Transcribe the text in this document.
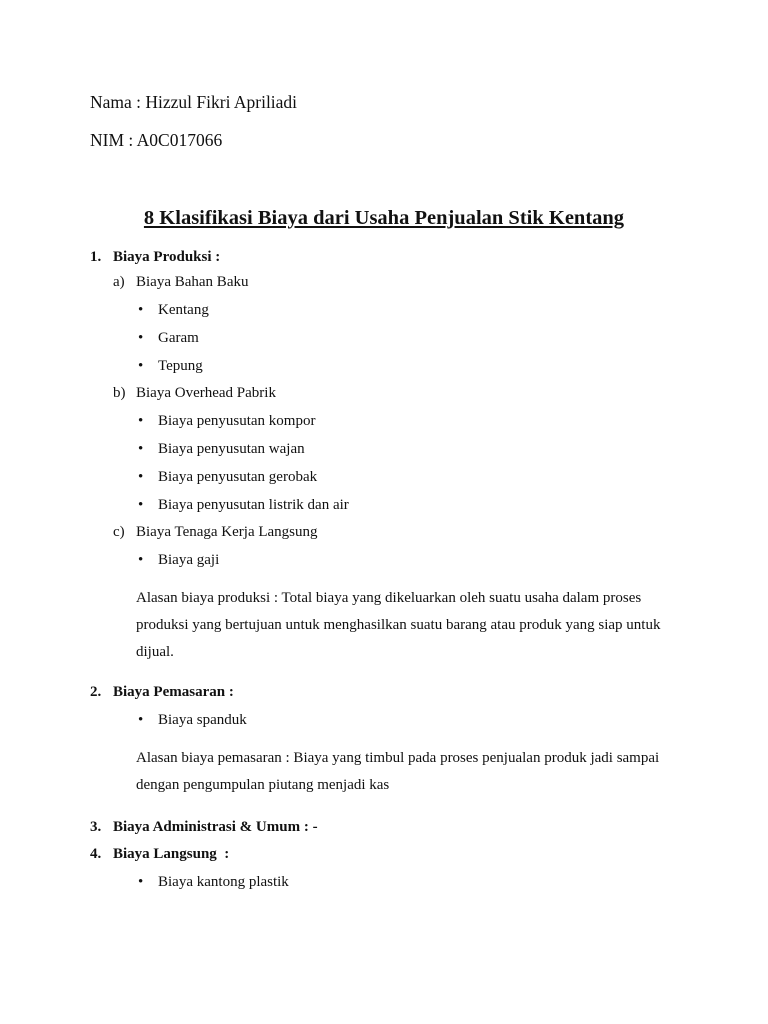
Nama : Hizzul Fikri Apriliadi
NIM : A0C017066
8 Klasifikasi Biaya dari Usaha Penjualan Stik Kentang
1. Biaya Produksi :
a) Biaya Bahan Baku
• Kentang
• Garam
• Tepung
b) Biaya Overhead Pabrik
• Biaya penyusutan kompor
• Biaya penyusutan wajan
• Biaya penyusutan gerobak
• Biaya penyusutan listrik dan air
c) Biaya Tenaga Kerja Langsung
• Biaya gaji
Alasan biaya produksi : Total biaya yang dikeluarkan oleh suatu usaha dalam proses produksi yang bertujuan untuk menghasilkan suatu barang atau produk yang siap untuk dijual.
2. Biaya Pemasaran :
• Biaya spanduk
Alasan biaya pemasaran : Biaya yang timbul pada proses penjualan produk jadi sampai dengan pengumpulan piutang menjadi kas
3. Biaya Administrasi & Umum : -
4. Biaya Langsung  :
• Biaya kantong plastik
